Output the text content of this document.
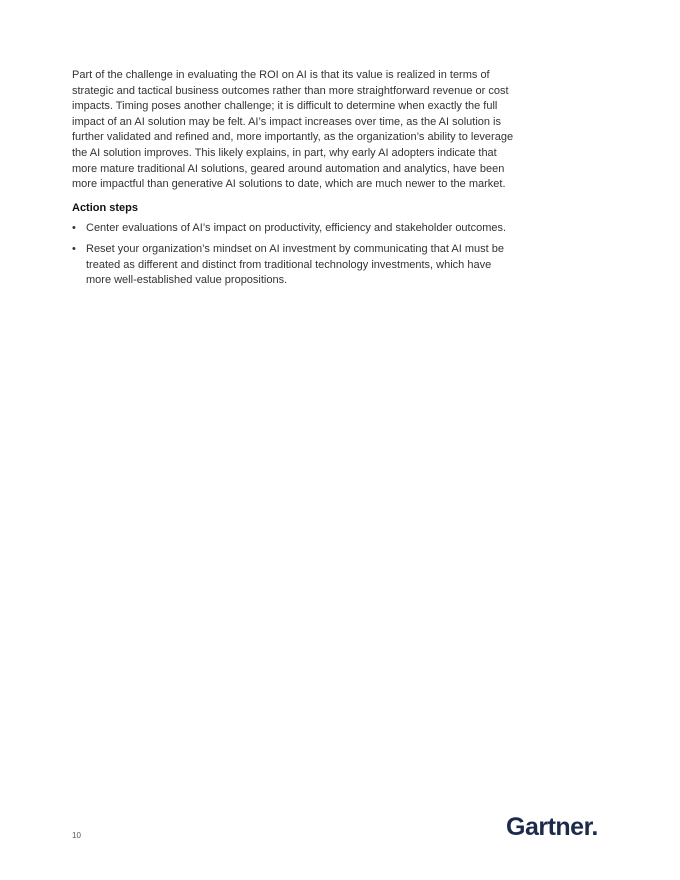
Part of the challenge in evaluating the ROI on AI is that its value is realized in terms of strategic and tactical business outcomes rather than more straightforward revenue or cost impacts. Timing poses another challenge; it is difficult to determine when exactly the full impact of an AI solution may be felt. AI’s impact increases over time, as the AI solution is further validated and refined and, more importantly, as the organization’s ability to leverage the AI solution improves. This likely explains, in part, why early AI adopters indicate that more mature traditional AI solutions, geared around automation and analytics, have been more impactful than generative AI solutions to date, which are much newer to the market.

Action steps
• Center evaluations of AI’s impact on productivity, efficiency and stakeholder outcomes.
• Reset your organization’s mindset on AI investment by communicating that AI must be treated as different and distinct from traditional technology investments, which have more well-established value propositions.
10	Gartner.
